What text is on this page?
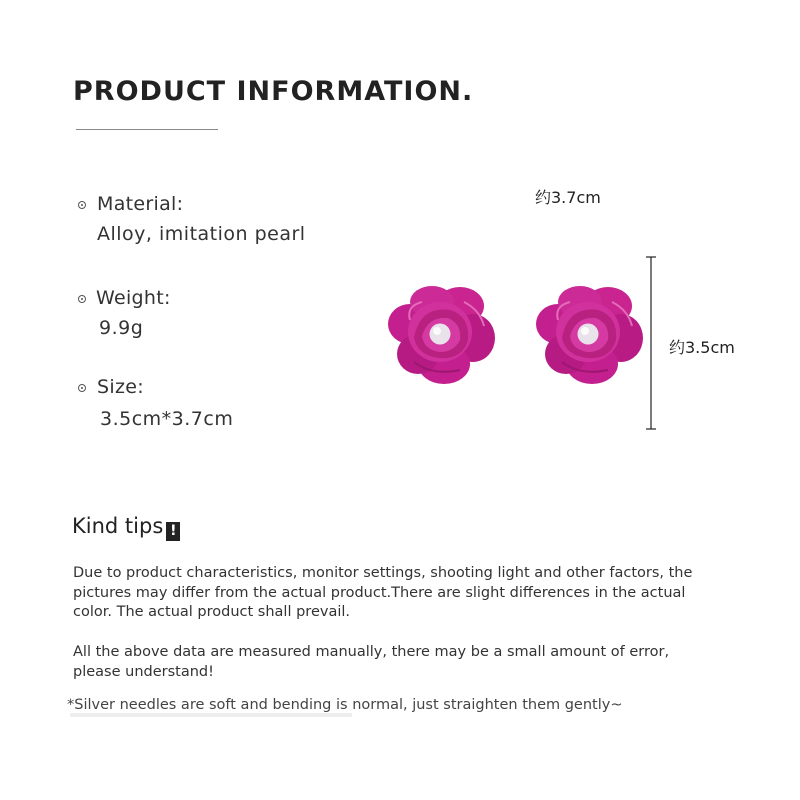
PRODUCT INFORMATION.
Material:
Alloy, imitation pearl
Weight:
9.9g
Size:
3.5cm*3.7cm
约3.7cm
约3.5cm
Kind tips !
Due to product characteristics, monitor settings, shooting light and other factors, the pictures may differ from the actual product.There are slight differences in the actual color. The actual product shall prevail.
All the above data are measured manually, there may be a small amount of error, please understand!
*Silver needles are soft and bending is normal, just straighten them gently~
